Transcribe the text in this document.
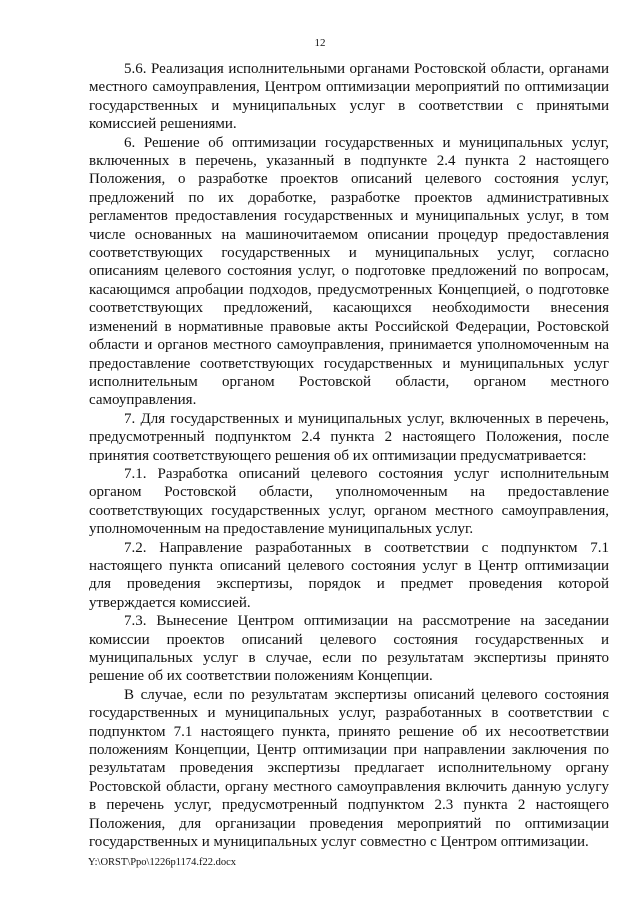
12

5.6. Реализация исполнительными органами Ростовской области, органами местного самоуправления, Центром оптимизации мероприятий по оптимизации государственных и муниципальных услуг в соответствии с принятыми комиссией решениями.

6. Решение об оптимизации государственных и муниципальных услуг, включенных в перечень, указанный в подпункте 2.4 пункта 2 настоящего Положения, о разработке проектов описаний целевого состояния услуг, предложений по их доработке, разработке проектов административных регламентов предоставления государственных и муниципальных услуг, в том числе основанных на машиночитаемом описании процедур предоставления соответствующих государственных и муниципальных услуг, согласно описаниям целевого состояния услуг, о подготовке предложений по вопросам, касающимся апробации подходов, предусмотренных Концепцией, о подготовке соответствующих предложений, касающихся необходимости внесения изменений в нормативные правовые акты Российской Федерации, Ростовской области и органов местного самоуправления, принимается уполномоченным на предоставление соответствующих государственных и муниципальных услуг исполнительным органом Ростовской области, органом местного самоуправления.

7. Для государственных и муниципальных услуг, включенных в перечень, предусмотренный подпунктом 2.4 пункта 2 настоящего Положения, после принятия соответствующего решения об их оптимизации предусматривается:

7.1. Разработка описаний целевого состояния услуг исполнительным органом Ростовской области, уполномоченным на предоставление соответствующих государственных услуг, органом местного самоуправления, уполномоченным на предоставление муниципальных услуг.

7.2. Направление разработанных в соответствии с подпунктом 7.1 настоящего пункта описаний целевого состояния услуг в Центр оптимизации для проведения экспертизы, порядок и предмет проведения которой утверждается комиссией.

7.3. Вынесение Центром оптимизации на рассмотрение на заседании комиссии проектов описаний целевого состояния государственных и муниципальных услуг в случае, если по результатам экспертизы принято решение об их соответствии положениям Концепции.

В случае, если по результатам экспертизы описаний целевого состояния государственных и муниципальных услуг, разработанных в соответствии с подпунктом 7.1 настоящего пункта, принято решение об их несоответствии положениям Концепции, Центр оптимизации при направлении заключения по результатам проведения экспертизы предлагает исполнительному органу Ростовской области, органу местного самоуправления включить данную услугу в перечень услуг, предусмотренный подпунктом 2.3 пункта 2 настоящего Положения, для организации проведения мероприятий по оптимизации государственных и муниципальных услуг совместно с Центром оптимизации.

Y:\ORST\Ppo\1226p1174.f22.docx
